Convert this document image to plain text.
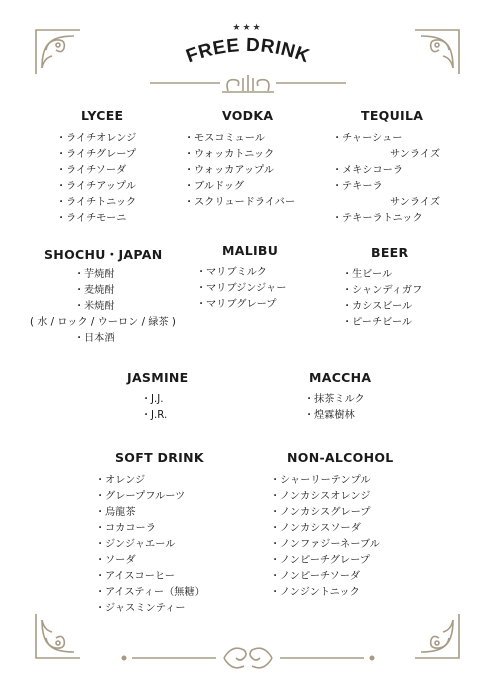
★★★
FREE DRINK
LYCEE
・ライチオレンジ
・ライチグレープ
・ライチソーダ
・ライチアップル
・ライチトニック
・ライチモーニ
VODKA
・モスコミュール
・ウォッカトニック
・ウォッカアップル
・ブルドッグ
・スクリュードライバー
TEQUILA
・チャーシュー
サンライズ
・メキシコーラ
・テキーラ
サンライズ
・テキーラトニック
SHOCHU・JAPAN
・芋焼酎
・麦焼酎
・米焼酎
( 水 / ロック / ウーロン / 緑茶 )
・日本酒
MALIBU
・マリブミルク
・マリブジンジャー
・マリブグレープ
BEER
・生ビール
・シャンディガフ
・カシスビール
・ピーチビール
JASMINE
・J.J.
・J.R.
MACCHA
・抹茶ミルク
・煌霖樹林
SOFT DRINK
・オレンジ
・グレープフルーツ
・烏龍茶
・コカコーラ
・ジンジャエール
・ソーダ
・アイスコーヒー
・アイスティー（無糖）
・ジャスミンティー
NON-ALCOHOL
・シャーリーテンプル
・ノンカシスオレンジ
・ノンカシスグレープ
・ノンカシスソーダ
・ノンファジーネーブル
・ノンピーチグレープ
・ノンピーチソーダ
・ノンジントニック
